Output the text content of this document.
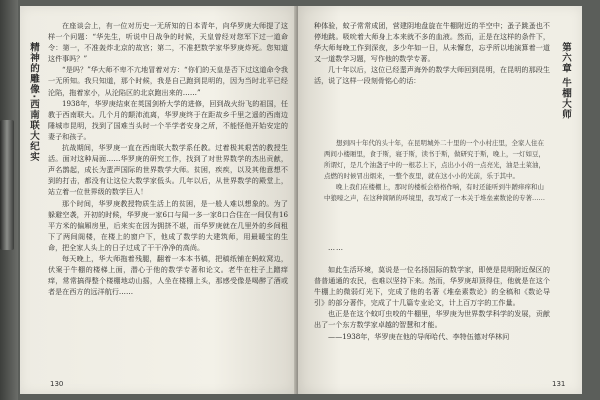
精神的雕像·西南联大纪实

在座谈会上，有一位对历史一无所知的日本青年，向华罗庚大师提了这样一个问题：“华先生，听说中日战争的时候，天皇曾经对您军下过一道命令：第一，不准轰炸北京的故宫；第二，不准把数学家华罗庚炸死。您知道这件事吗？”

“是吗？”华大师不卑不亢地冒着对方：“你们的天皇是否下过这道命令我一无所知。我只知道，那个时候，我是自己跑到昆明的，因为当时北平已经沦陷，拖着家小，从沦陷区的北京跑出来的……”

1938年，华罗庚结束在英国剑桥大学的进修，回到战火纷飞的祖国，任教于西南联大。几个月的颠沛流离，华罗庚终于在距故乡千里之遥的西南边陲城市昆明，找到了国难当头时一个半学者安身之所，不能怪他开始安定的妻子和孩子。

抗战期间，华罗庚一直在西南联大数学系任教。过着极其艰苦的教授生活。面对这种局面……华罗庚的研究工作，找到了对世界数学的杰出贡献，声名鹊起，成长为蜚声国际的世界数学大师。贫困，疾疾，以及其他意想不到的打击，都没有让这位大数学家低头。几年以后，从世界数学的殿堂上，站立着一位世界级的数学巨人！

那个时间，华罗庚教授物质生活上的贫困，是一般人难以想象的。为了躲避空袭，开初的时候，华罗庚一家6口与闻一多一家8口合住在一间仅有16平方米的偏厢房里，后来实在因为拥挤不堪，而华罗庚就在几里外的乡间租下了两间阁楼，在楼上的窗户下，他成了数学的大建筑师，用最暖宝的生命，把全家人头上的日子过成了干干净净的高尚。

每天晚上，华大师拖着残腿，翻着一本本书稿，把稿纸铺在蚂蚁窝边，伏案于牛棚的楼梯上面，潜心于他的数学专著和论文。老牛在柱子上蹭痒痒，常常搞得整个楼棚地动山摇，人坐在楼棚上头，那感受像是喝醉了酒或者是在西方的远洋航行……

130

种体验，蚊子常常成团，营建阴地盘旋在牛棚附近的半空中；蚤子跳蚤也不停地跳。吸吮着大师身上本来就不多的血液。然而，正是在这样的条件下，华大师每晚工作到深夜，多少年如一日，从未懈怠，忘乎所以地演算着一道又一道数学习题，写作他的数学专著。

几十年以后，这位已经蜚声海外的数学大师回到昆明，在昆明的那段生活，说了这样一段刻骨铭心的话：

想到四十年代的头十年，在昆明城外二十里的一个小村庄里，全家人住在两间小楼厢里，食于斯，寝于斯，读书于斯，做研究于斯，晚上，一灯如豆，所谓灯，是几个油盏子中的一根芯上下，点出小小的一点亮光，油是土菜油，点燃的时候冒出烟来，一整个夜里，就在这小小的光前，乐于其中。

晚上我们在楼棚上，那时的楼板会格格作响，有时还能听到牛蹭痒痒和山中狼嚎之声，在这种简陋的环境里，我写成了一本关于堆垒素数论的专著……

……

如此生活环境，莫说是一位名扬国际的数学家，即使是昆明附近保区的普普通通的农民，也难以坚持下来。然而，华罗庚却顶得住，他就是在这个牛棚上的微弱灯光下，完成了他的名著《堆垒素数论》的全稿和《数论导引》的部分著作，完成了十几篇专业论文，计上百万字的工作量。

也正是在这个蚊叮虫咬的牛棚里，华罗庚为世界数学科学的发展，贡献出了一个东方数学家卓越的智慧和才能。

——1938年，华罗庚在他的导师哈代、李特伍德对华林问

第六章 牛棚大师
131
